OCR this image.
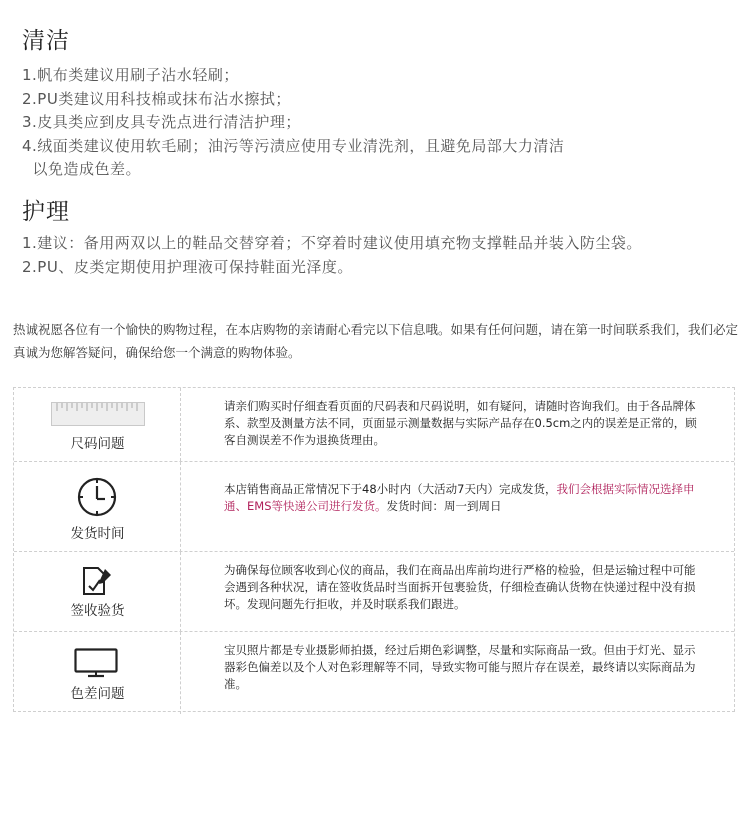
清洁
1.帆布类建议用刷子沾水轻刷；
2.PU类建议用科技棉或抹布沾水擦拭；
3.皮具类应到皮具专洗点进行清洁护理；
4.绒面类建议使用软毛刷；油污等污渍应使用专业清洗剂，且避免局部大力清洁
以免造成色差。
护理
1.建议：备用两双以上的鞋品交替穿着；不穿着时建议使用填充物支撑鞋品并装入防尘袋。
2.PU、皮类定期使用护理液可保持鞋面光泽度。
热诚祝愿各位有一个愉快的购物过程，在本店购物的亲请耐心看完以下信息哦。如果有任何问题，请在第一时间联系我们，我们必定真诚为您解答疑问，确保给您一个满意的购物体验。
尺码问题
请亲们购买时仔细查看页面的尺码表和尺码说明，如有疑问，请随时咨询我们。由于各品牌体系、款型及测量方法不同，页面显示测量数据与实际产品存在0.5cm之内的误差是正常的，顾客自测误差不作为退换货理由。
发货时间
本店销售商品正常情况下于48小时内（大活动7天内）完成发货，我们会根据实际情况选择申通、EMS等快递公司进行发货。发货时间：周一到周日
签收验货
为确保每位顾客收到心仪的商品，我们在商品出库前均进行严格的检验，但是运输过程中可能会遇到各种状况，请在签收货品时当面拆开包裹验货，仔细检查确认货物在快递过程中没有损坏。发现问题先行拒收，并及时联系我们跟进。
色差问题
宝贝照片都是专业摄影师拍摄，经过后期色彩调整，尽量和实际商品一致。但由于灯光、显示器彩色偏差以及个人对色彩理解等不同，导致实物可能与照片存在误差，最终请以实际商品为准。
